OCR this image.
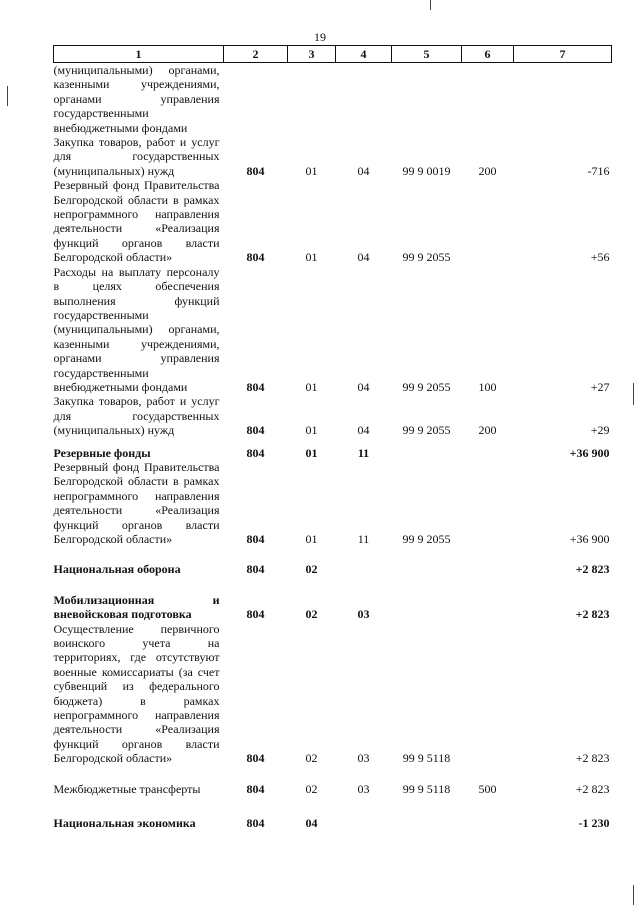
19
1	2	3	4	5	6	7
(муниципальными) органами, казенными учреждениями, органами управления государственными внебюджетными фондами						
Закупка товаров, работ и услуг для государственных (муниципальных) нужд	804	01	04	99 9 0019	200	-716
Резервный фонд Правительства Белгородской области в рамках непрограммного направления деятельности «Реализация функций органов власти Белгородской области»	804	01	04	99 9 2055		+56
Расходы на выплату персоналу в целях обеспечения выполнения функций государственными (муниципальными) органами, казенными учреждениями, органами управления государственными внебюджетными фондами	804	01	04	99 9 2055	100	+27
Закупка товаров, работ и услуг для государственных (муниципальных) нужд	804	01	04	99 9 2055	200	+29
Резервные фонды	804	01	11			+36 900
Резервный фонд Правительства Белгородской области в рамках непрограммного направления деятельности «Реализация функций органов власти Белгородской области»	804	01	11	99 9 2055		+36 900
Национальная оборона	804	02				+2 823
Мобилизационная и вневойсковая подготовка	804	02	03			+2 823
Осуществление первичного воинского учета на территориях, где отсутствуют военные комиссариаты (за счет субвенций из федерального бюджета) в рамках непрограммного направления деятельности «Реализация функций органов власти Белгородской области»	804	02	03	99 9 5118		+2 823
Межбюджетные трансферты	804	02	03	99 9 5118	500	+2 823
Национальная экономика	804	04				-1 230
